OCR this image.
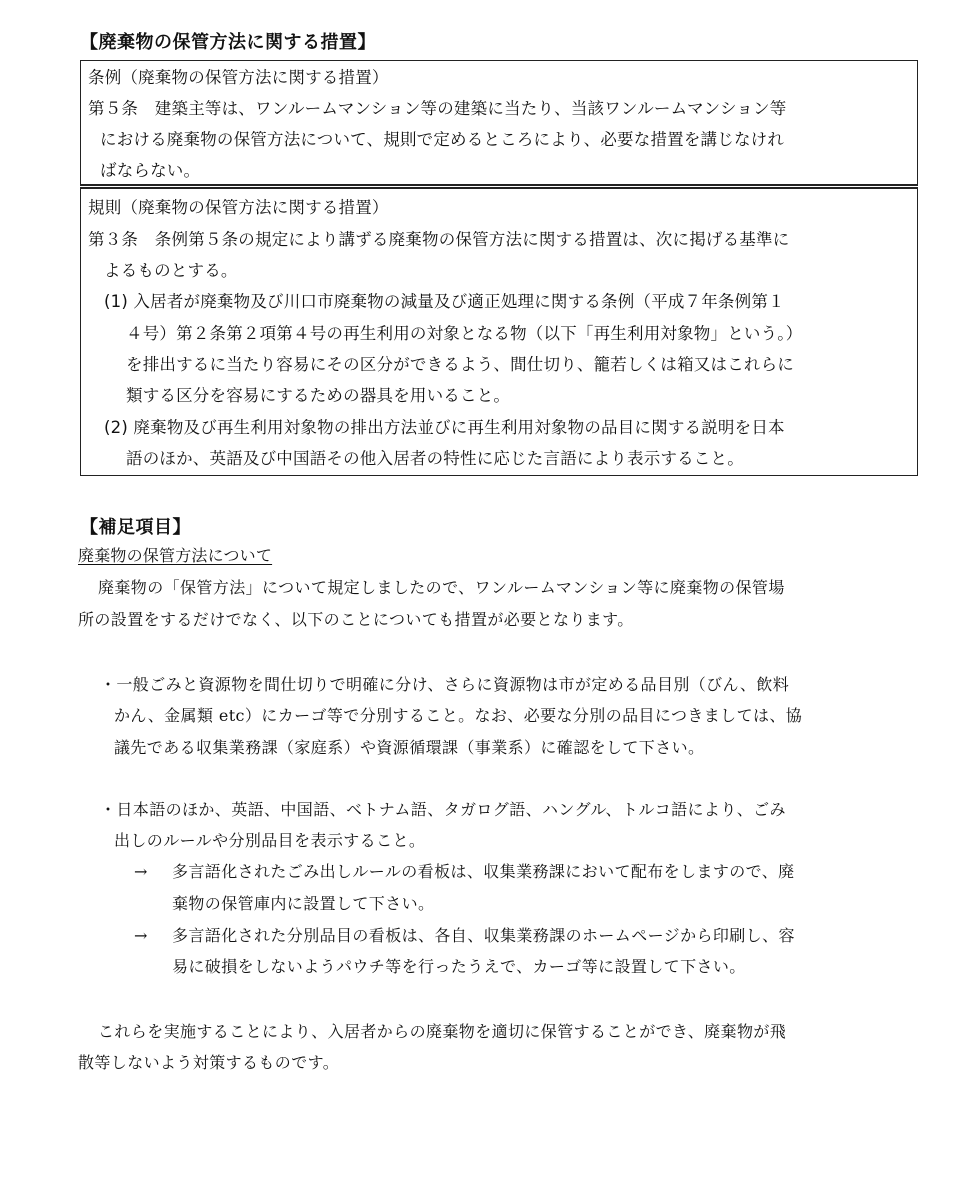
【廃棄物の保管方法に関する措置】
条例（廃棄物の保管方法に関する措置）
第５条　建築主等は、ワンルームマンション等の建築に当たり、当該ワンルームマンション等
における廃棄物の保管方法について、規則で定めるところにより、必要な措置を講じなけれ
ばならない。
規則（廃棄物の保管方法に関する措置）
第３条　条例第５条の規定により講ずる廃棄物の保管方法に関する措置は、次に掲げる基準に
よるものとする。
(1) 入居者が廃棄物及び川口市廃棄物の減量及び適正処理に関する条例（平成７年条例第１
４号）第２条第２項第４号の再生利用の対象となる物（以下「再生利用対象物」という。）
を排出するに当たり容易にその区分ができるよう、間仕切り、籠若しくは箱又はこれらに
類する区分を容易にするための器具を用いること。
(2) 廃棄物及び再生利用対象物の排出方法並びに再生利用対象物の品目に関する説明を日本
語のほか、英語及び中国語その他入居者の特性に応じた言語により表示すること。
【補足項目】
廃棄物の保管方法について
廃棄物の「保管方法」について規定しましたので、ワンルームマンション等に廃棄物の保管場
所の設置をするだけでなく、以下のことについても措置が必要となります。
・一般ごみと資源物を間仕切りで明確に分け、さらに資源物は市が定める品目別（びん、飲料
かん、金属類 etc）にカーゴ等で分別すること。なお、必要な分別の品目につきましては、協
議先である収集業務課（家庭系）や資源循環課（事業系）に確認をして下さい。
・日本語のほか、英語、中国語、ベトナム語、タガログ語、ハングル、トルコ語により、ごみ
出しのルールや分別品目を表示すること。
→ 多言語化されたごみ出しルールの看板は、収集業務課において配布をしますので、廃
棄物の保管庫内に設置して下さい。
→ 多言語化された分別品目の看板は、各自、収集業務課のホームページから印刷し、容
易に破損をしないようパウチ等を行ったうえで、カーゴ等に設置して下さい。
これらを実施することにより、入居者からの廃棄物を適切に保管することができ、廃棄物が飛
散等しないよう対策するものです。
